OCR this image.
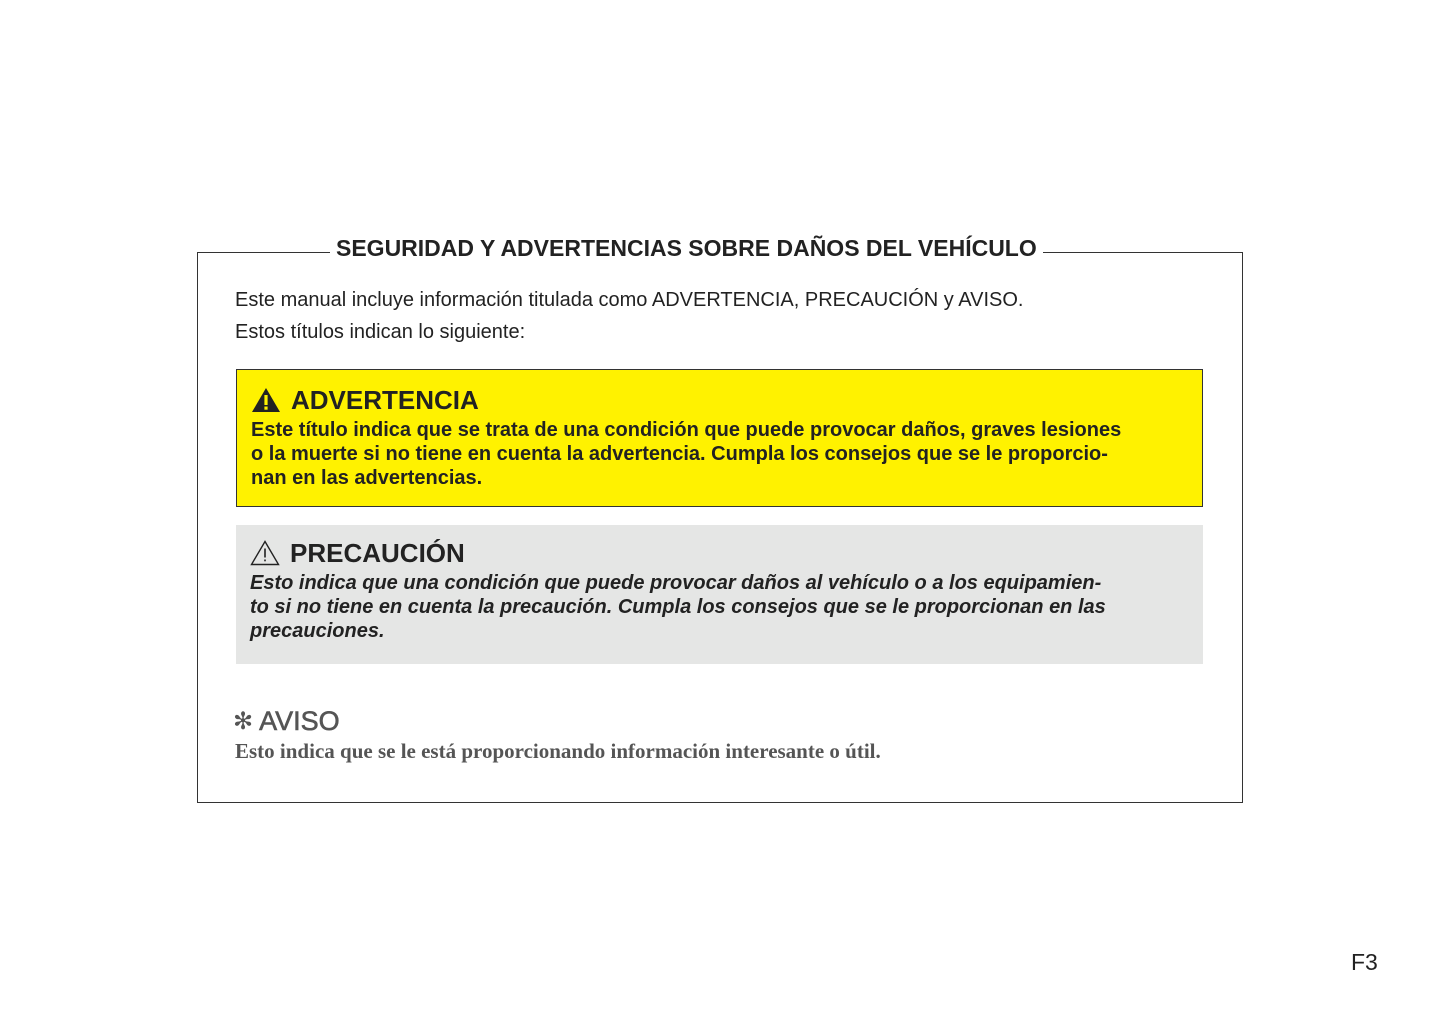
SEGURIDAD Y ADVERTENCIAS SOBRE DAÑOS DEL VEHÍCULO

Este manual incluye información titulada como ADVERTENCIA, PRECAUCIÓN y AVISO.

Estos títulos indican lo siguiente:

ADVERTENCIA

Este título indica que se trata de una condición que puede provocar daños, graves lesiones

o la muerte si no tiene en cuenta la advertencia. Cumpla los consejos que se le proporcio-

nan en las advertencias.

PRECAUCIÓN

Esto indica que una condición que puede provocar daños al vehículo o a los equipamien-

to si no tiene en cuenta la precaución. Cumpla los consejos que se le proporcionan en las

precauciones.

✻ AVISO
Esto indica que se le está proporcionando información interesante o útil.
F3
